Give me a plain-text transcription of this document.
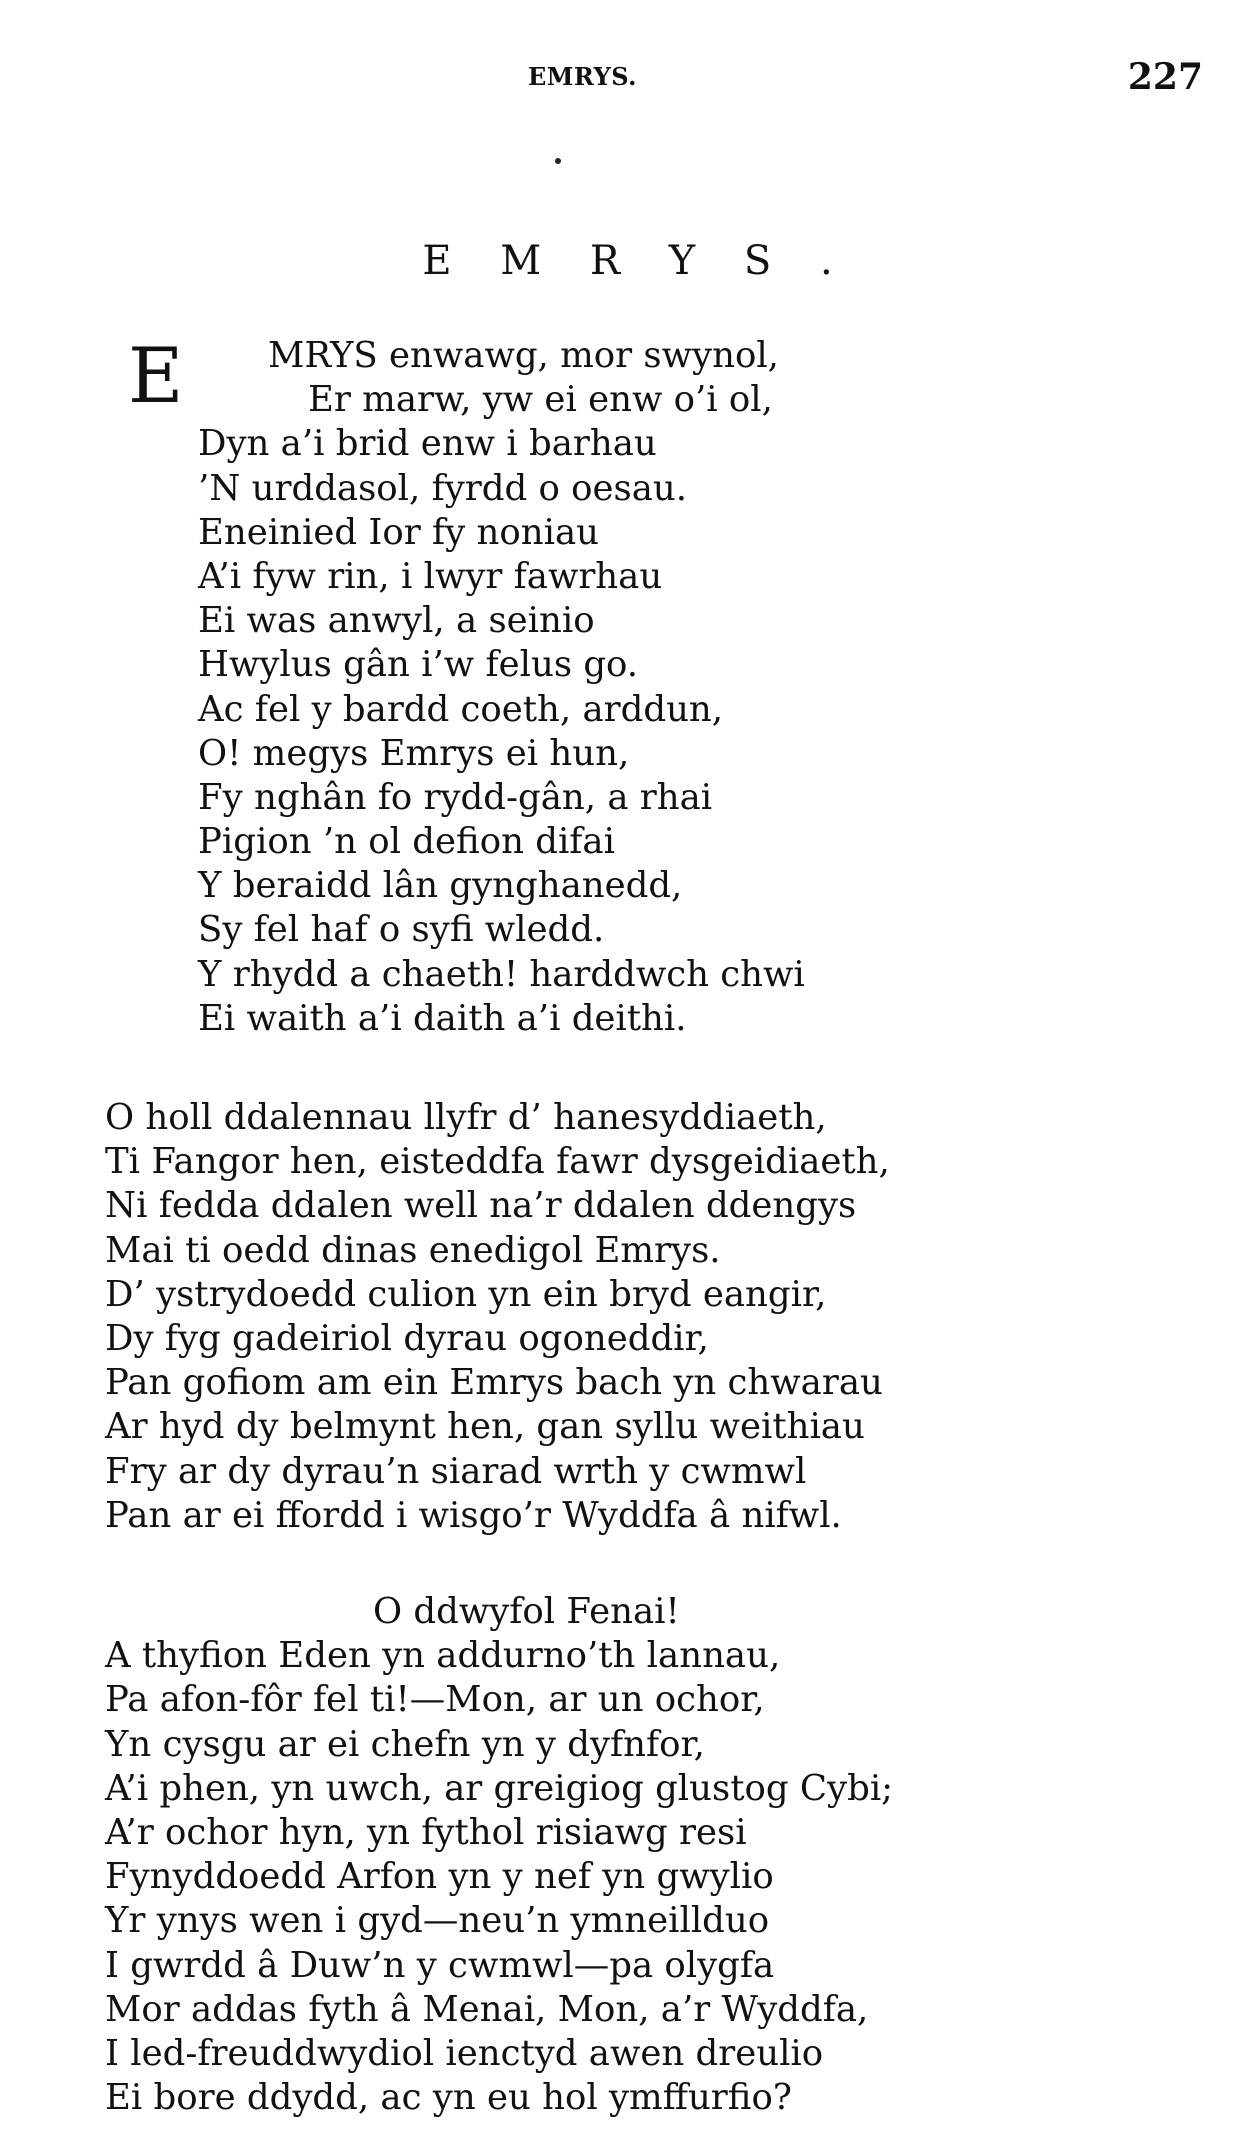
EMRYS.	227
E M R Y S .
E MRYS enwawg, mor swynol,
Er marw, yw ei enw o’i ol,
Dyn a’i brid enw i barhau
’N urddasol, fyrdd o oesau.
Eneinied Ior fy noniau
A’i fyw rin, i lwyr fawrhau
Ei was anwyl, a seinio
Hwylus gân i’w felus go.
Ac fel y bardd coeth, arddun,
O! megys Emrys ei hun,
Fy nghân fo rydd-gân, a rhai
Pigion ’n ol defion difai
Y beraidd lân gynghanedd,
Sy fel haf o syfi wledd.
Y rhydd a chaeth! harddwch chwi
Ei waith a’i daith a’i deithi.
O holl ddalennau llyfr d’ hanesyddiaeth,
Ti Fangor hen, eisteddfa fawr dysgeidiaeth,
Ni fedda ddalen well na’r ddalen ddengys
Mai ti oedd dinas enedigol Emrys.
D’ ystrydoedd culion yn ein bryd eangir,
Dy fyg gadeiriol dyrau ogoneddir,
Pan gofiom am ein Emrys bach yn chwarau
Ar hyd dy belmynt hen, gan syllu weithiau
Fry ar dy dyrau’n siarad wrth y cwmwl
Pan ar ei ffordd i wisgo’r Wyddfa â nifwl.
O ddwyfol Fenai!
A thyfion Eden yn addurno’th lannau,
Pa afon-fôr fel ti!—Mon, ar un ochor,
Yn cysgu ar ei chefn yn y dyfnfor,
A’i phen, yn uwch, ar greigiog glustog Cybi;
A’r ochor hyn, yn fythol risiawg resi
Fynyddoedd Arfon yn y nef yn gwylio
Yr ynys wen i gyd—neu’n ymneillduo
I gwrdd â Duw’n y cwmwl—pa olygfa
Mor addas fyth â Menai, Mon, a’r Wyddfa,
I led-freuddwydiol ienctyd awen dreulio
Ei bore ddydd, ac yn eu hol ymffurfio?
